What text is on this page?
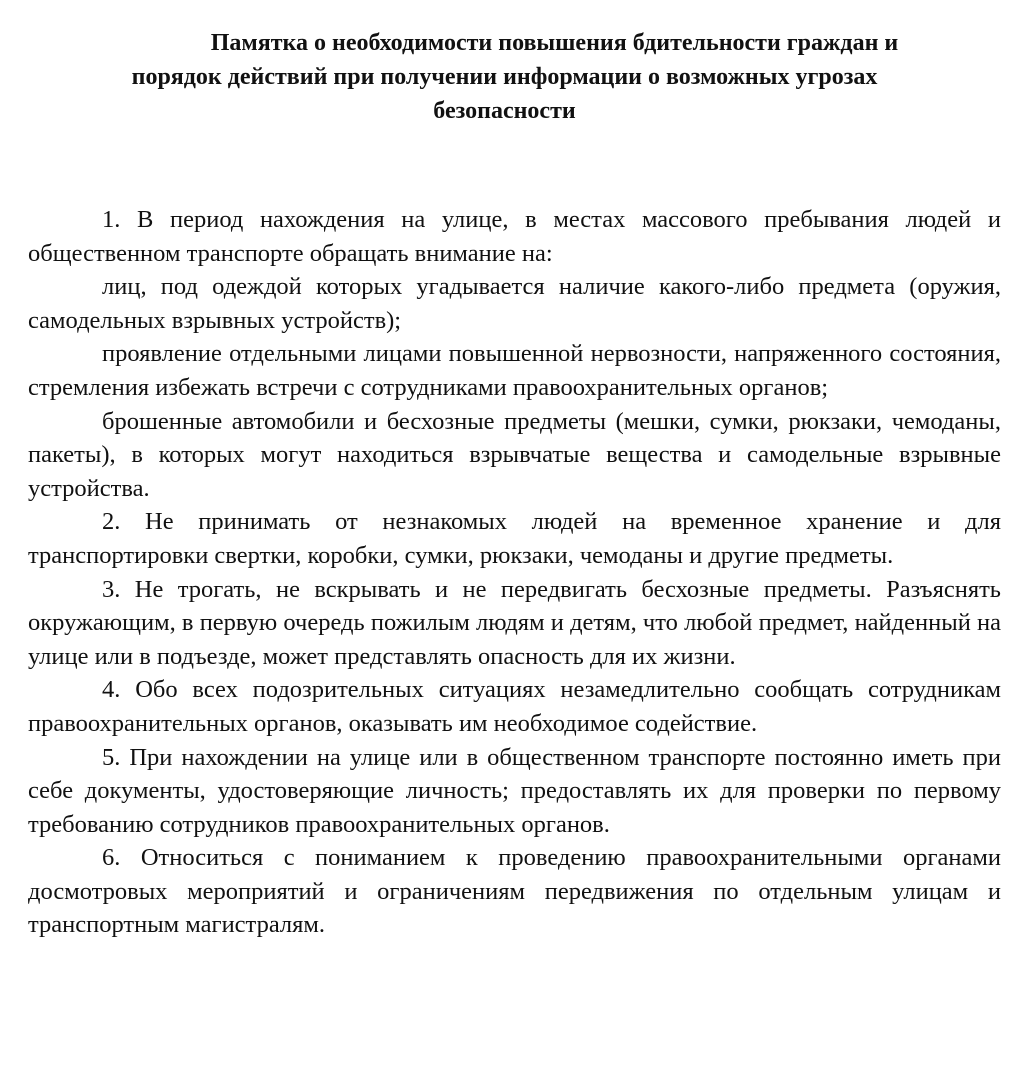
Памятка о необходимости повышения бдительности граждан и
порядок действий при получении информации о возможных угрозах
безопасности

1. В период нахождения на улице, в местах массового пребывания людей и общественном транспорте обращать внимание на:

лиц, под одеждой которых угадывается наличие какого-либо предмета (оружия, самодельных взрывных устройств);

проявление отдельными лицами повышенной нервозности, напряженного состояния, стремления избежать встречи с сотрудниками правоохранительных органов;

брошенные автомобили и бесхозные предметы (мешки, сумки, рюкзаки, чемоданы, пакеты), в которых могут находиться взрывчатые вещества и самодельные взрывные устройства.

2. Не принимать от незнакомых людей на временное хранение и для транспортировки свертки, коробки, сумки, рюкзаки, чемоданы и другие предметы.

3. Не трогать, не вскрывать и не передвигать бесхозные предметы. Разъяснять окружающим, в первую очередь пожилым людям и детям, что любой предмет, найденный на улице или в подъезде, может представлять опасность для их жизни.

4. Обо всех подозрительных ситуациях незамедлительно сообщать сотрудникам правоохранительных органов, оказывать им необходимое содействие.

5. При нахождении на улице или в общественном транспорте постоянно иметь при себе документы, удостоверяющие личность; предоставлять их для проверки по первому требованию сотрудников правоохранительных органов.

6. Относиться с пониманием к проведению правоохранительными органами досмотровых мероприятий и ограничениям передвижения по отдельным улицам и транспортным магистралям.
